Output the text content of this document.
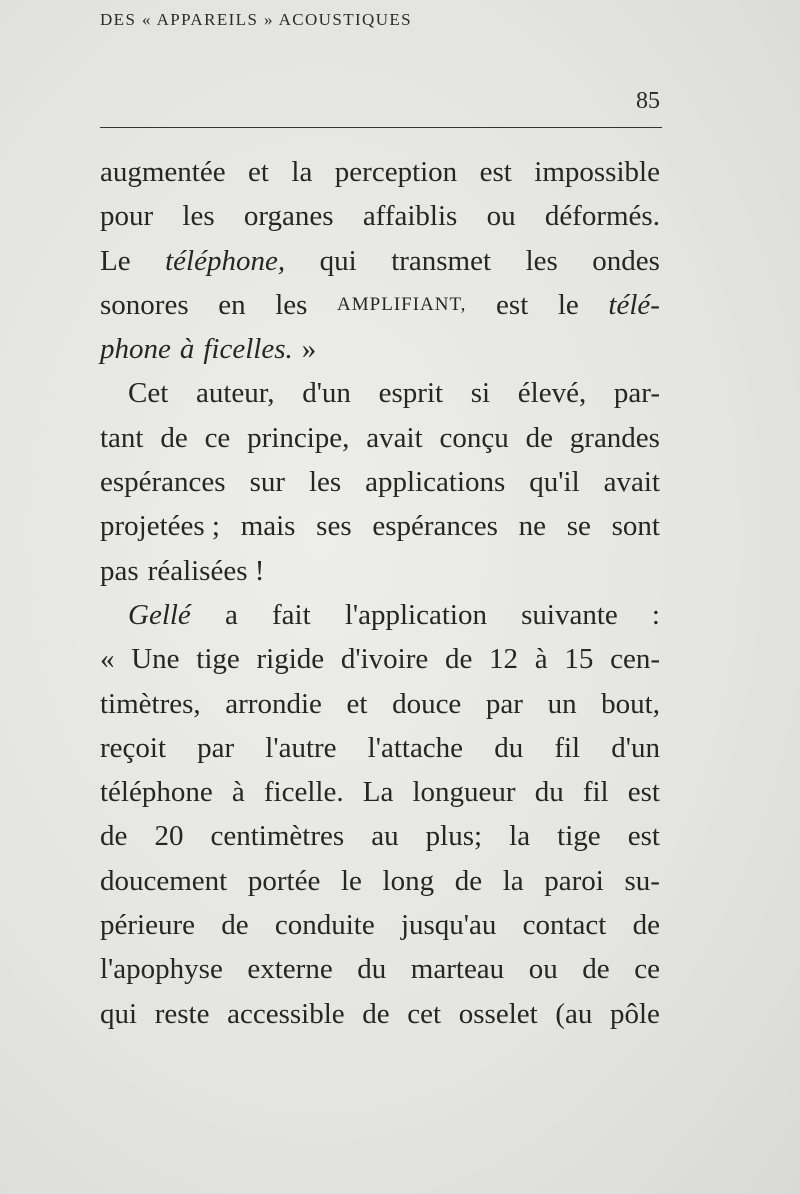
DES « APPAREILS » ACOUSTIQUES
85
augmentée et la perception est impossible
pour les organes affaiblis ou déformés.
Le téléphone, qui transmet les ondes
sonores en les AMPLIFIANT, est le télé-
phone à ficelles. »
Cet auteur, d'un esprit si élevé, par-
tant de ce principe, avait conçu de grandes
espérances sur les applications qu'il avait
projetées ; mais ses espérances ne se sont
pas réalisées !
Gellé a fait l'application suivante :
« Une tige rigide d'ivoire de 12 à 15 cen-
timètres, arrondie et douce par un bout,
reçoit par l'autre l'attache du fil d'un
téléphone à ficelle. La longueur du fil est
de 20 centimètres au plus; la tige est
doucement portée le long de la paroi su-
périeure de conduite jusqu'au contact de
l'apophyse externe du marteau ou de ce
qui reste accessible de cet osselet (au pôle
